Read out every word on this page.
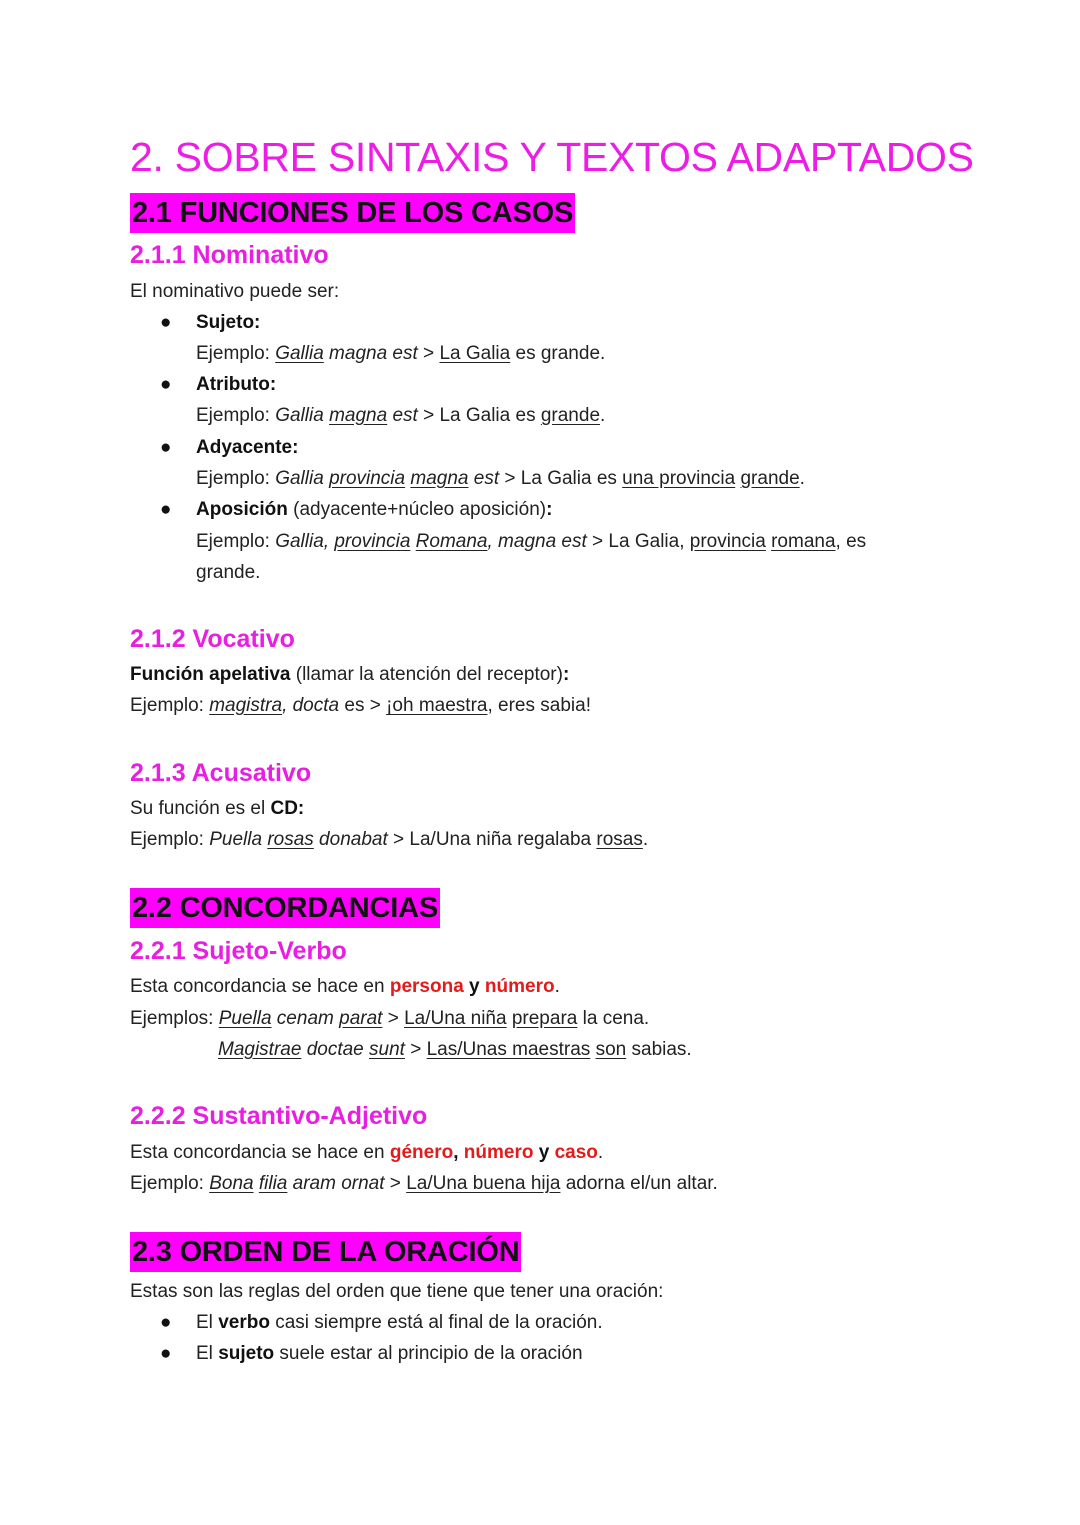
2. SOBRE SINTAXIS Y TEXTOS ADAPTADOS
2.1 FUNCIONES DE LOS CASOS
2.1.1 Nominativo

El nominativo puede ser:

● Sujeto:

Ejemplo: Gallia magna est > La Galia es grande.

● Atributo:

Ejemplo: Gallia magna est > La Galia es grande.

● Adyacente:

Ejemplo: Gallia provincia magna est > La Galia es una provincia grande.

● Aposición (adyacente+núcleo aposición):

Ejemplo: Gallia, provincia Romana, magna est > La Galia, provincia romana, es

grande.

2.1.2 Vocativo

Función apelativa (llamar la atención del receptor):

Ejemplo: magistra, docta es > ¡oh maestra, eres sabia!

2.1.3 Acusativo

Su función es el CD:

Ejemplo: Puella rosas donabat > La/Una niña regalaba rosas.

2.2 CONCORDANCIAS
2.2.1 Sujeto-Verbo

Esta concordancia se hace en persona y número.

Ejemplos: Puella cenam parat > La/Una niña prepara la cena.

Magistrae doctae sunt > Las/Unas maestras son sabias.

2.2.2 Sustantivo-Adjetivo

Esta concordancia se hace en género, número y caso.

Ejemplo: Bona filia aram ornat > La/Una buena hija adorna el/un altar.

2.3 ORDEN DE LA ORACIÓN

Estas son las reglas del orden que tiene que tener una oración:

● El verbo casi siempre está al final de la oración.

● El sujeto suele estar al principio de la oración
